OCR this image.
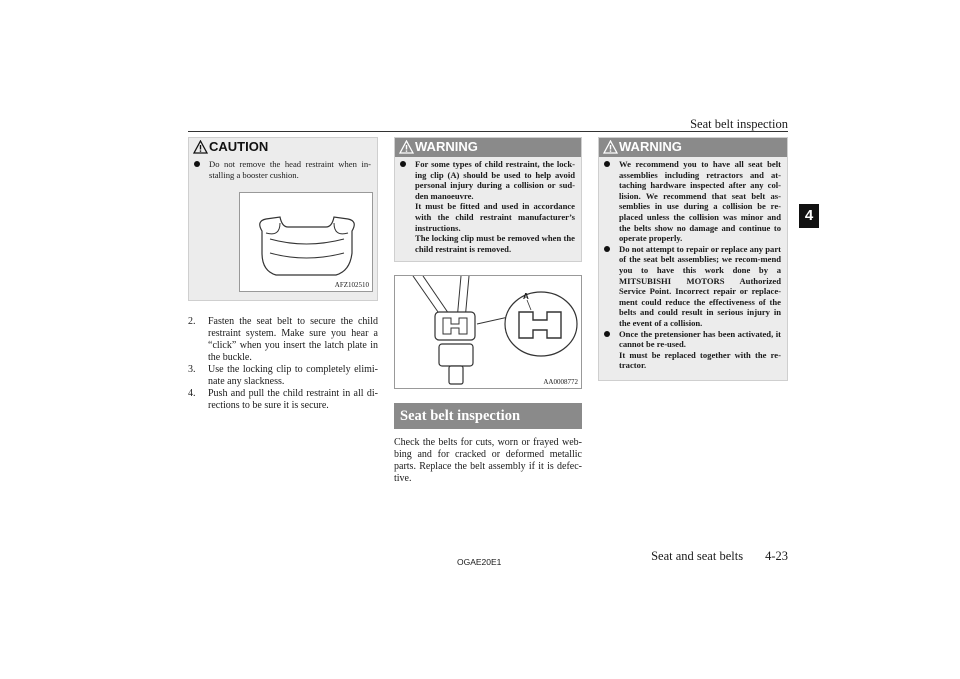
Seat belt inspection
4
CAUTION
Do not remove the head restraint when in-stalling a booster cushion.
AFZ102510
2. Fasten the seat belt to secure the child restraint system. Make sure you hear a “click” when you insert the latch plate in the buckle.
3. Use the locking clip to completely elimi-nate any slackness.
4. Push and pull the child restraint in all di-rections to be sure it is secure.
WARNING
For some types of child restraint, the lock-ing clip (A) should be used to help avoid personal injury during a collision or sud-den manoeuvre.
It must be fitted and used in accordance with the child restraint manufacturer’s instructions.
The locking clip must be removed when the child restraint is removed.
A
AA0008772
Seat belt inspection
Check the belts for cuts, worn or frayed web-bing and for cracked or deformed metallic parts. Replace the belt assembly if it is defec-tive.
WARNING
We recommend you to have all seat belt assemblies including retractors and at-taching hardware inspected after any col-lision. We recommend that seat belt as-semblies in use during a collision be re-placed unless the collision was minor and the belts show no damage and continue to operate properly.
Do not attempt to repair or replace any part of the seat belt assemblies; we recom-mend you to have this work done by a MITSUBISHI MOTORS Authorized Service Point. Incorrect repair or replace-ment could reduce the effectiveness of the belts and could result in serious injury in the event of a collision.
Once the pretensioner has been activated, it cannot be re-used.
It must be replaced together with the re-tractor.
OGAE20E1	Seat and seat belts 4-23
